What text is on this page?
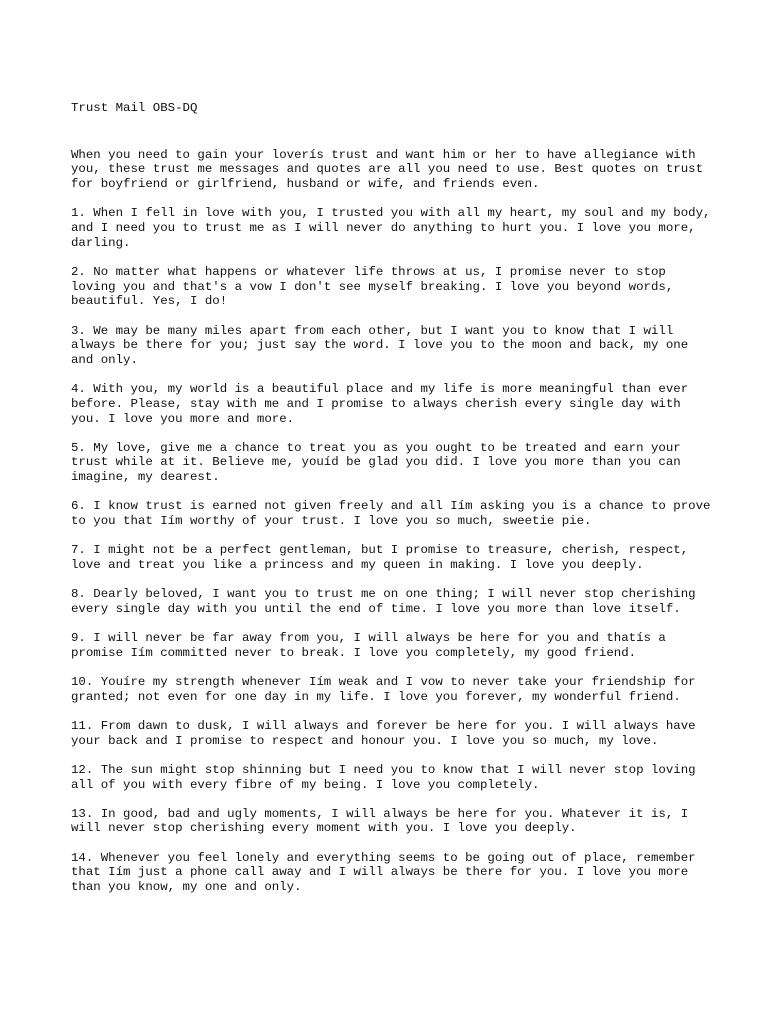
Trust Mail OBS-DQ

When you need to gain your loverís trust and want him or her to have allegiance with you, these trust me messages and quotes are all you need to use. Best quotes on trust for boyfriend or girlfriend, husband or wife, and friends even.

1. When I fell in love with you, I trusted you with all my heart, my soul and my body, and I need you to trust me as I will never do anything to hurt you. I love you more, darling.

2. No matter what happens or whatever life throws at us, I promise never to stop loving you and that's a vow I don't see myself breaking. I love you beyond words, beautiful. Yes, I do!

3. We may be many miles apart from each other, but I want you to know that I will always be there for you; just say the word. I love you to the moon and back, my one and only.

4. With you, my world is a beautiful place and my life is more meaningful than ever before. Please, stay with me and I promise to always cherish every single day with you. I love you more and more.

5. My love, give me a chance to treat you as you ought to be treated and earn your trust while at it. Believe me, youíd be glad you did. I love you more than you can imagine, my dearest.

6. I know trust is earned not given freely and all Iím asking you is a chance to prove to you that Iím worthy of your trust. I love you so much, sweetie pie.

7. I might not be a perfect gentleman, but I promise to treasure, cherish, respect, love and treat you like a princess and my queen in making. I love you deeply.

8. Dearly beloved, I want you to trust me on one thing; I will never stop cherishing every single day with you until the end of time. I love you more than love itself.

9. I will never be far away from you, I will always be here for you and thatís a promise Iím committed never to break. I love you completely, my good friend.

10. Youíre my strength whenever Iím weak and I vow to never take your friendship for granted; not even for one day in my life. I love you forever, my wonderful friend.

11. From dawn to dusk, I will always and forever be here for you. I will always have your back and I promise to respect and honour you. I love you so much, my love.

12. The sun might stop shinning but I need you to know that I will never stop loving all of you with every fibre of my being. I love you completely.

13. In good, bad and ugly moments, I will always be here for you. Whatever it is, I will never stop cherishing every moment with you. I love you deeply.

14. Whenever you feel lonely and everything seems to be going out of place, remember that Iím just a phone call away and I will always be there for you. I love you more than you know, my one and only.
